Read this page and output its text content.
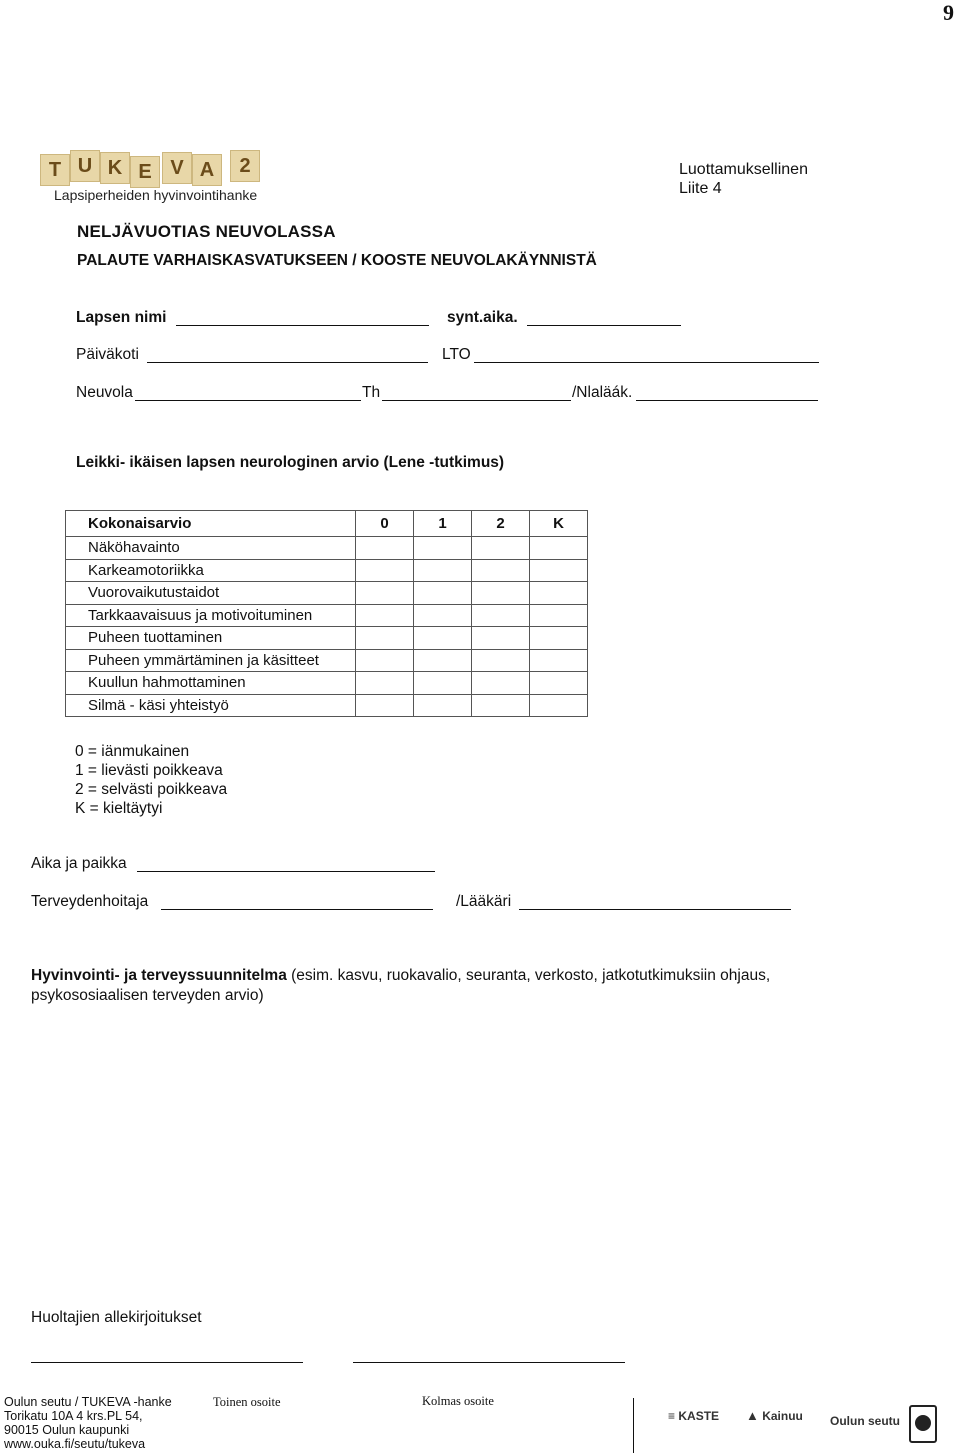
9
T U K E V A	2
Lapsiperheiden hyvinvointihanke
Luottamuksellinen
Liite 4
NELJÄVUOTIAS NEUVOLASSA
PALAUTE VARHAISKASVATUKSEEN / KOOSTE NEUVOLAKÄYNNISTÄ
Lapsen nimi	synt.aika.
Päiväkoti	LTO
Neuvola	Th	/Nlaläák.
Leikki- ikäisen lapsen neurologinen arvio (Lene -tutkimus)
Kokonaisarvio	0	1	2	K
Näköhavainto				
Karkeamotoriikka				
Vuorovaikutustaidot				
Tarkkaavaisuus ja motivoituminen				
Puheen tuottaminen				
Puheen ymmärtäminen ja käsitteet				
Kuullun hahmottaminen				
Silmä - käsi yhteistyö				
0 = iänmukainen
1 = lievästi poikkeava
2 = selvästi poikkeava
K = kieltäytyi
Aika ja paikka
Terveydenhoitaja	/Lääkäri
Hyvinvointi- ja terveyssuunnitelma (esim. kasvu, ruokavalio, seuranta, verkosto, jatkotutkimuksiin ohjaus, psykososiaalisen terveyden arvio)
Huoltajien allekirjoitukset
Oulun seutu / TUKEVA -hanke
Torikatu 10A 4 krs.PL 54,
90015 Oulun kaupunki
www.ouka.fi/seutu/tukeva
Toinen osoite	Kolmas osoite
≡ KASTE ▲ Kainuu Oulun seutu
